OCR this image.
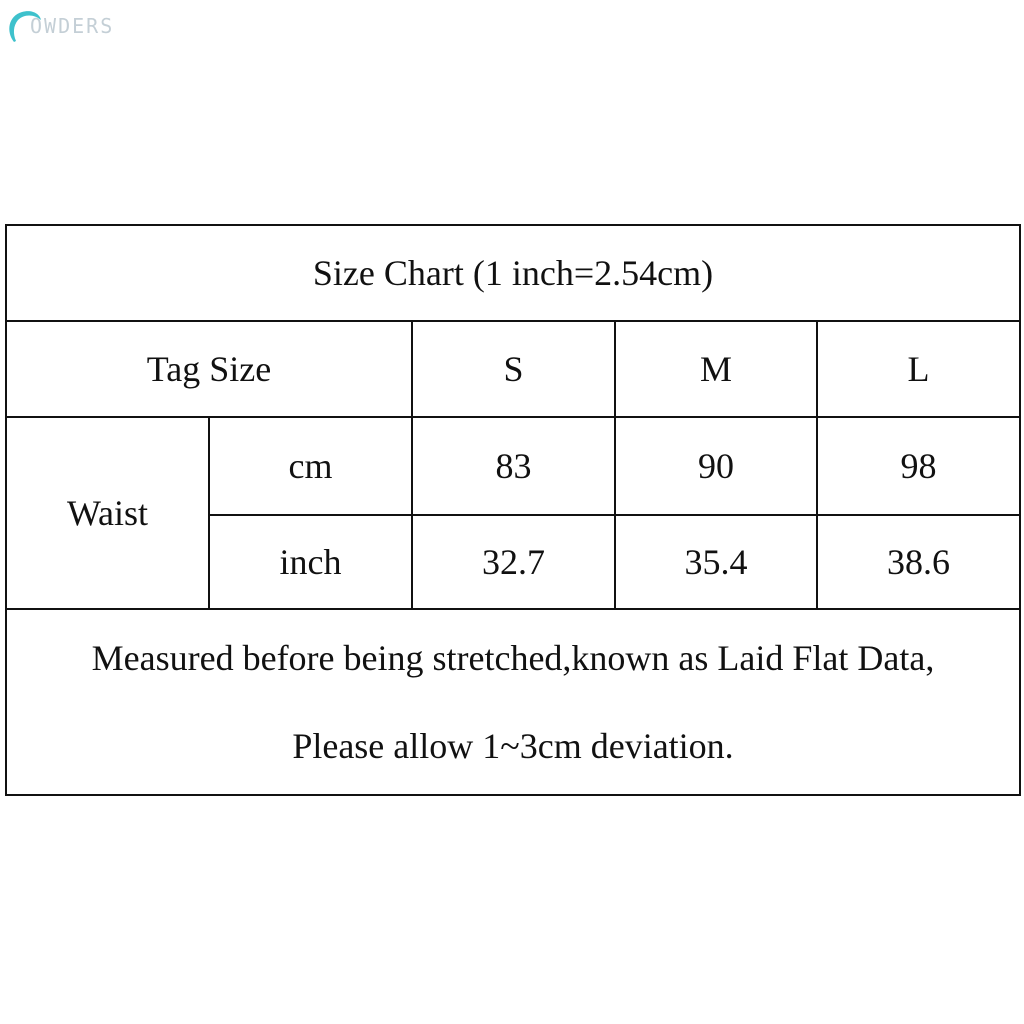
OWDERS
Size Chart (1 inch=2.54cm)				
Tag Size		S	M	L
Waist	cm	83	90	98
	inch	32.7	35.4	38.6

Measured before being stretched,known as Laid Flat Data,
Please allow 1~3cm deviation.				
